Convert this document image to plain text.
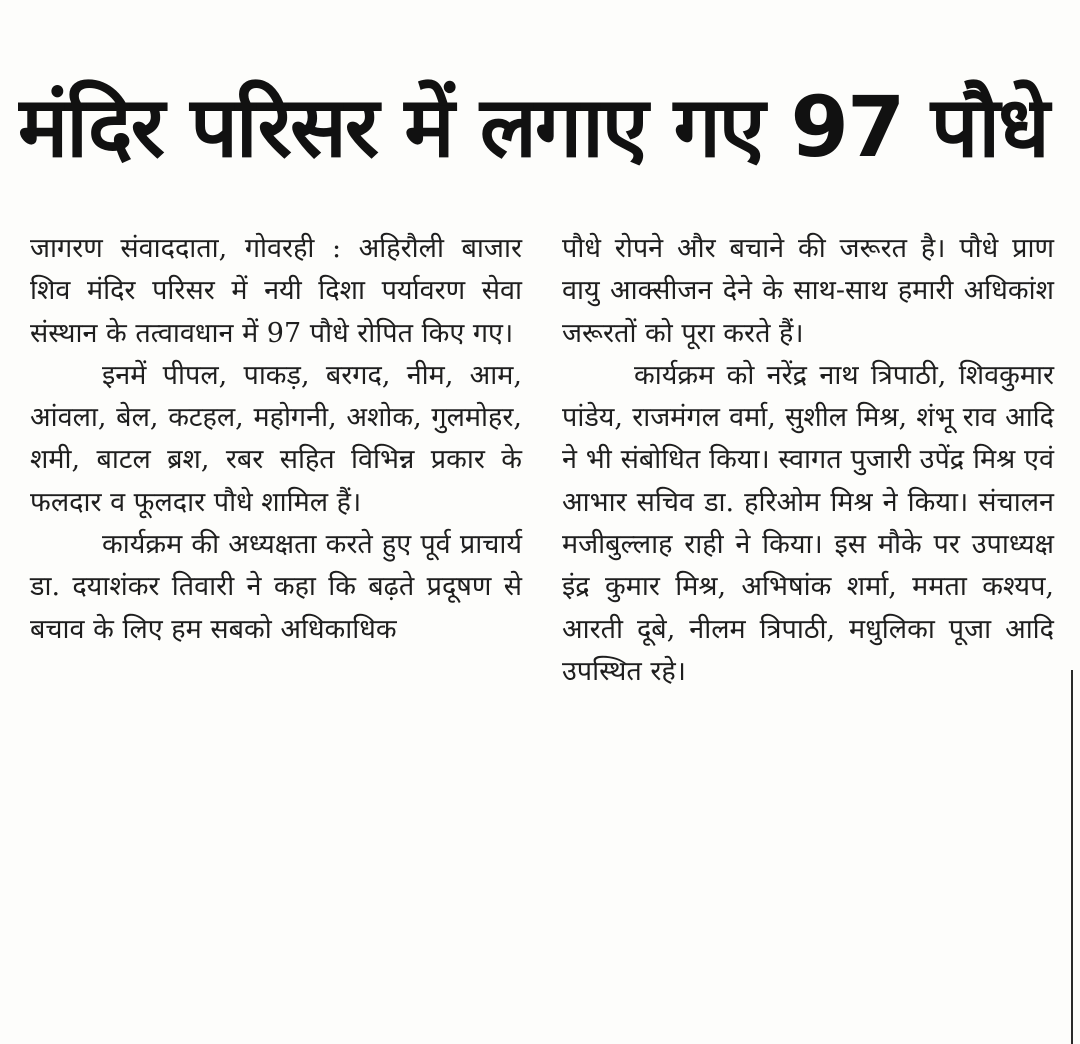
मंदिर परिसर में लगाए गए 97 पौधे

जागरण संवाददाता, गोवरही : अहिरौली बाजार शिव मंदिर परिसर में नयी दिशा पर्यावरण सेवा संस्थान के तत्वावधान में 97 पौधे रोपित किए गए।

इनमें पीपल, पाकड़, बरगद, नीम, आम, आंवला, बेल, कटहल, महोगनी, अशोक, गुलमोहर, शमी, बाटल ब्रश, रबर सहित विभिन्न प्रकार के फलदार व फूलदार पौधे शामिल हैं।

कार्यक्रम की अध्यक्षता करते हुए पूर्व प्राचार्य डा. दयाशंकर तिवारी ने कहा कि बढ़ते प्रदूषण से बचाव के लिए हम सबको अधिकाधिक

पौधे रोपने और बचाने की जरूरत है। पौधे प्राण वायु आक्सीजन देने के साथ-साथ हमारी अधिकांश जरूरतों को पूरा करते हैं।

कार्यक्रम को नरेंद्र नाथ त्रिपाठी, शिवकुमार पांडेय, राजमंगल वर्मा, सुशील मिश्र, शंभू राव आदि ने भी संबोधित किया। स्वागत पुजारी उपेंद्र मिश्र एवं आभार सचिव डा. हरिओम मिश्र ने किया। संचालन मजीबुल्लाह राही ने किया। इस मौके पर उपाध्यक्ष इंद्र कुमार मिश्र, अभिषांक शर्मा, ममता कश्यप, आरती दूबे, नीलम त्रिपाठी, मधुलिका पूजा आदि उपस्थित रहे।
